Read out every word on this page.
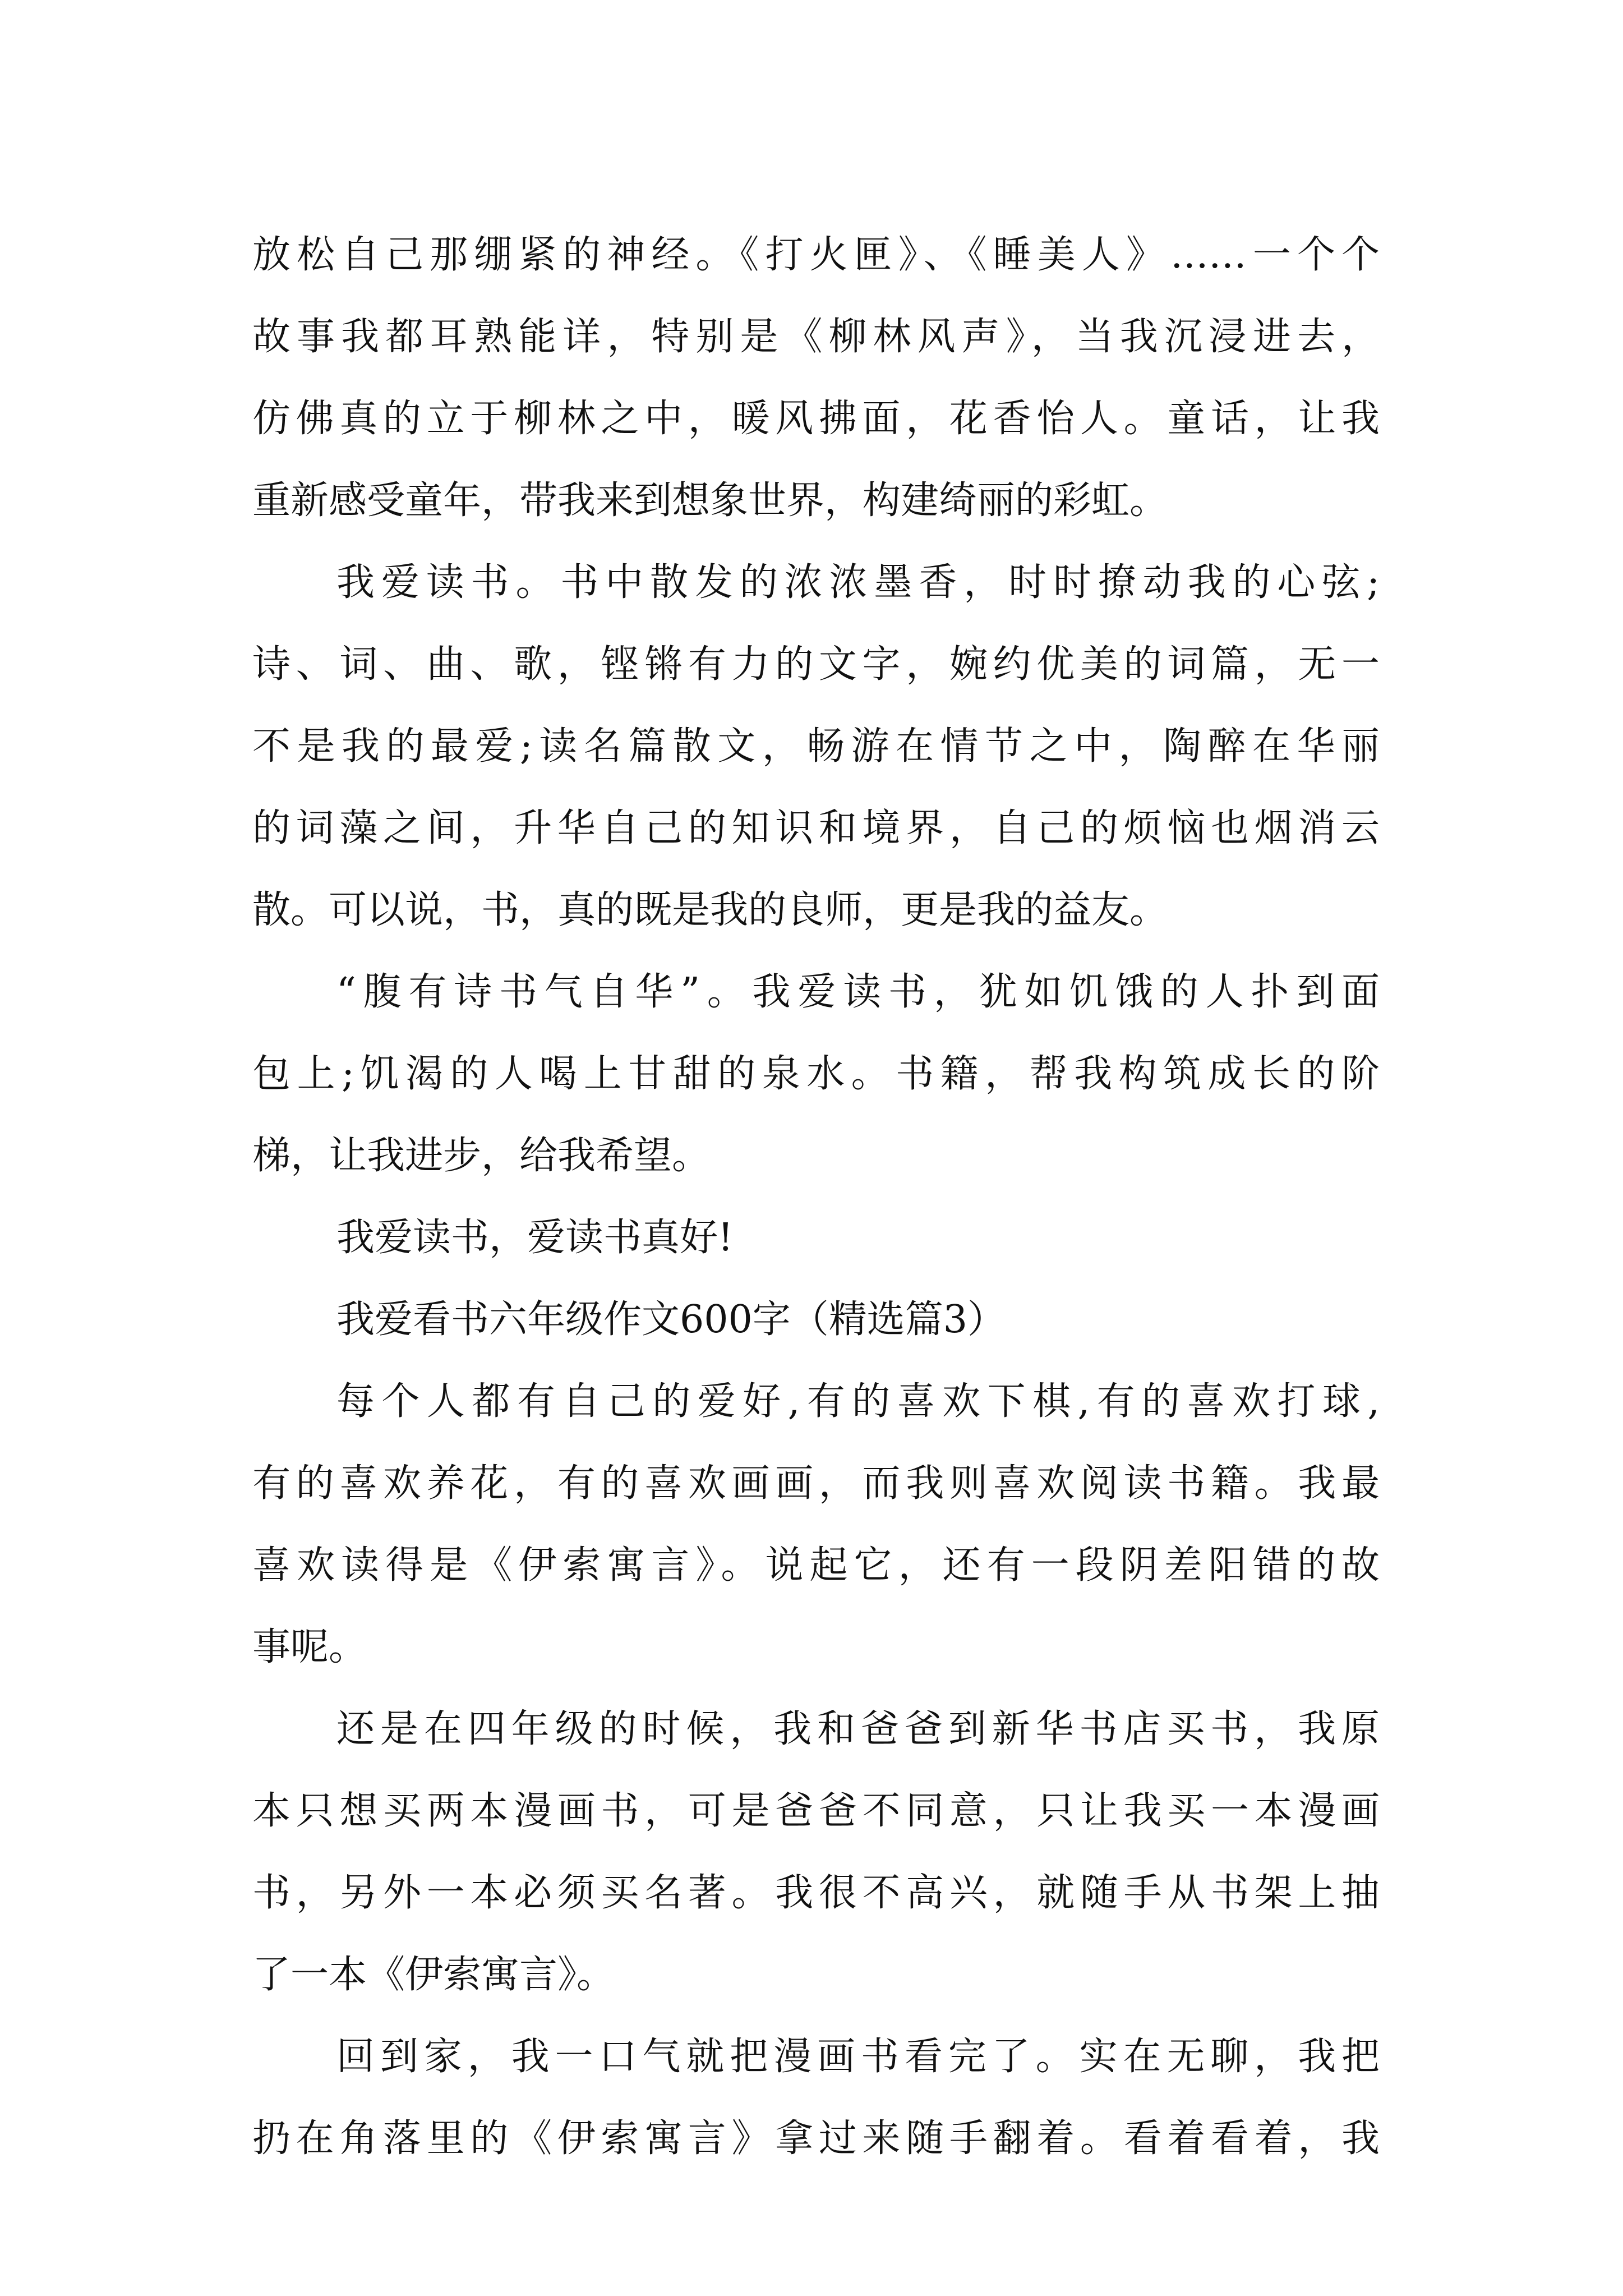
放松自己那绷紧的神经。《打火匣》、《睡美人》……一个个
故事我都耳熟能详，特别是《柳林风声》，当我沉浸进去，
仿佛真的立于柳林之中，暖风拂面，花香怡人。童话，让我
重新感受童年，带我来到想象世界，构建绮丽的彩虹。
我爱读书。书中散发的浓浓墨香，时时撩动我的心弦;
诗、词、曲、歌，铿锵有力的文字，婉约优美的词篇，无一
不是我的最爱;读名篇散文，畅游在情节之中，陶醉在华丽
的词藻之间，升华自己的知识和境界，自己的烦恼也烟消云
散。可以说，书，真的既是我的良师，更是我的益友。
“腹有诗书气自华”。我爱读书，犹如饥饿的人扑到面
包上;饥渴的人喝上甘甜的泉水。书籍，帮我构筑成长的阶
梯，让我进步，给我希望。
我爱读书，爱读书真好!
我爱看书六年级作文600字（精选篇3）
每个人都有自己的爱好,有的喜欢下棋,有的喜欢打球,
有的喜欢养花，有的喜欢画画，而我则喜欢阅读书籍。我最
喜欢读得是《伊索寓言》。说起它，还有一段阴差阳错的故
事呢。
还是在四年级的时候，我和爸爸到新华书店买书，我原
本只想买两本漫画书，可是爸爸不同意，只让我买一本漫画
书，另外一本必须买名著。我很不高兴，就随手从书架上抽
了一本《伊索寓言》。
回到家，我一口气就把漫画书看完了。实在无聊，我把
扔在角落里的《伊索寓言》拿过来随手翻着。看着看着，我
